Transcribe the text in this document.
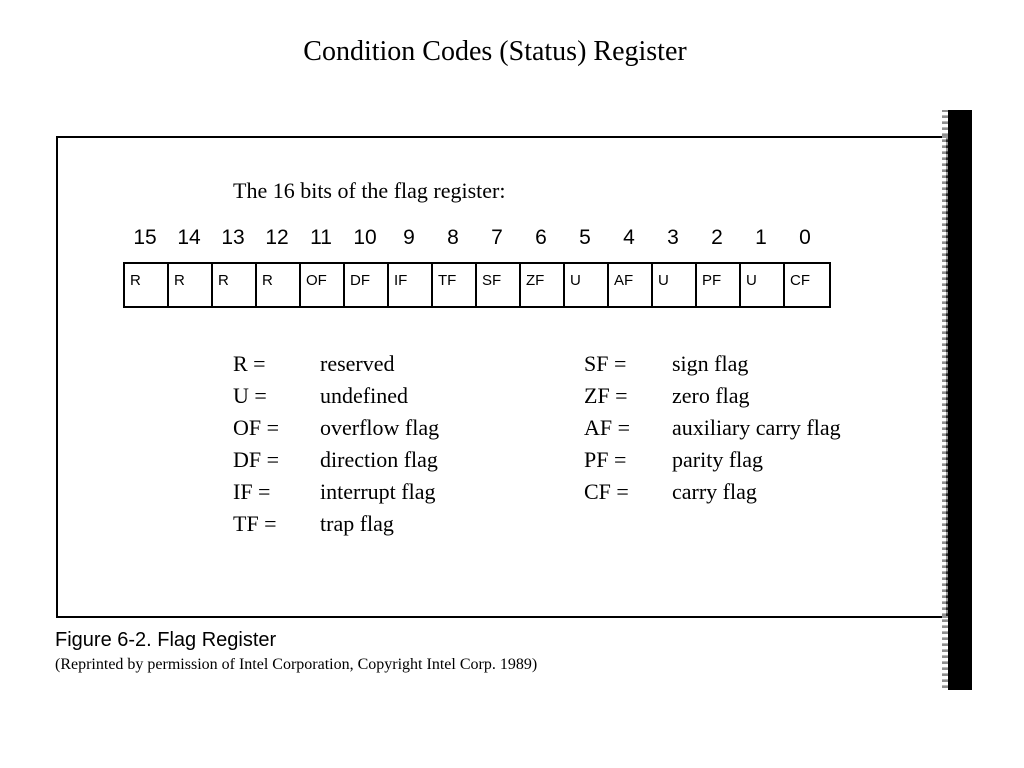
Condition Codes (Status) Register
The 16 bits of the flag register:
15 14 13 12	11	10	9	8	7	6	5	4	3	2	1	0
R	R	R	R	OF	DF	IF	TF	SF	ZF	U	AF	U	PF	U	CF
R =	reserved
U =	undefined
OF =	overflow flag
DF =	direction flag
IF =	interrupt flag
TF =	trap flag
SF =	sign flag
ZF =	zero flag
AF =	auxiliary carry flag
PF =	parity flag
CF =	carry flag
Figure 6-2. Flag Register
(Reprinted by permission of Intel Corporation, Copyright Intel Corp. 1989)
